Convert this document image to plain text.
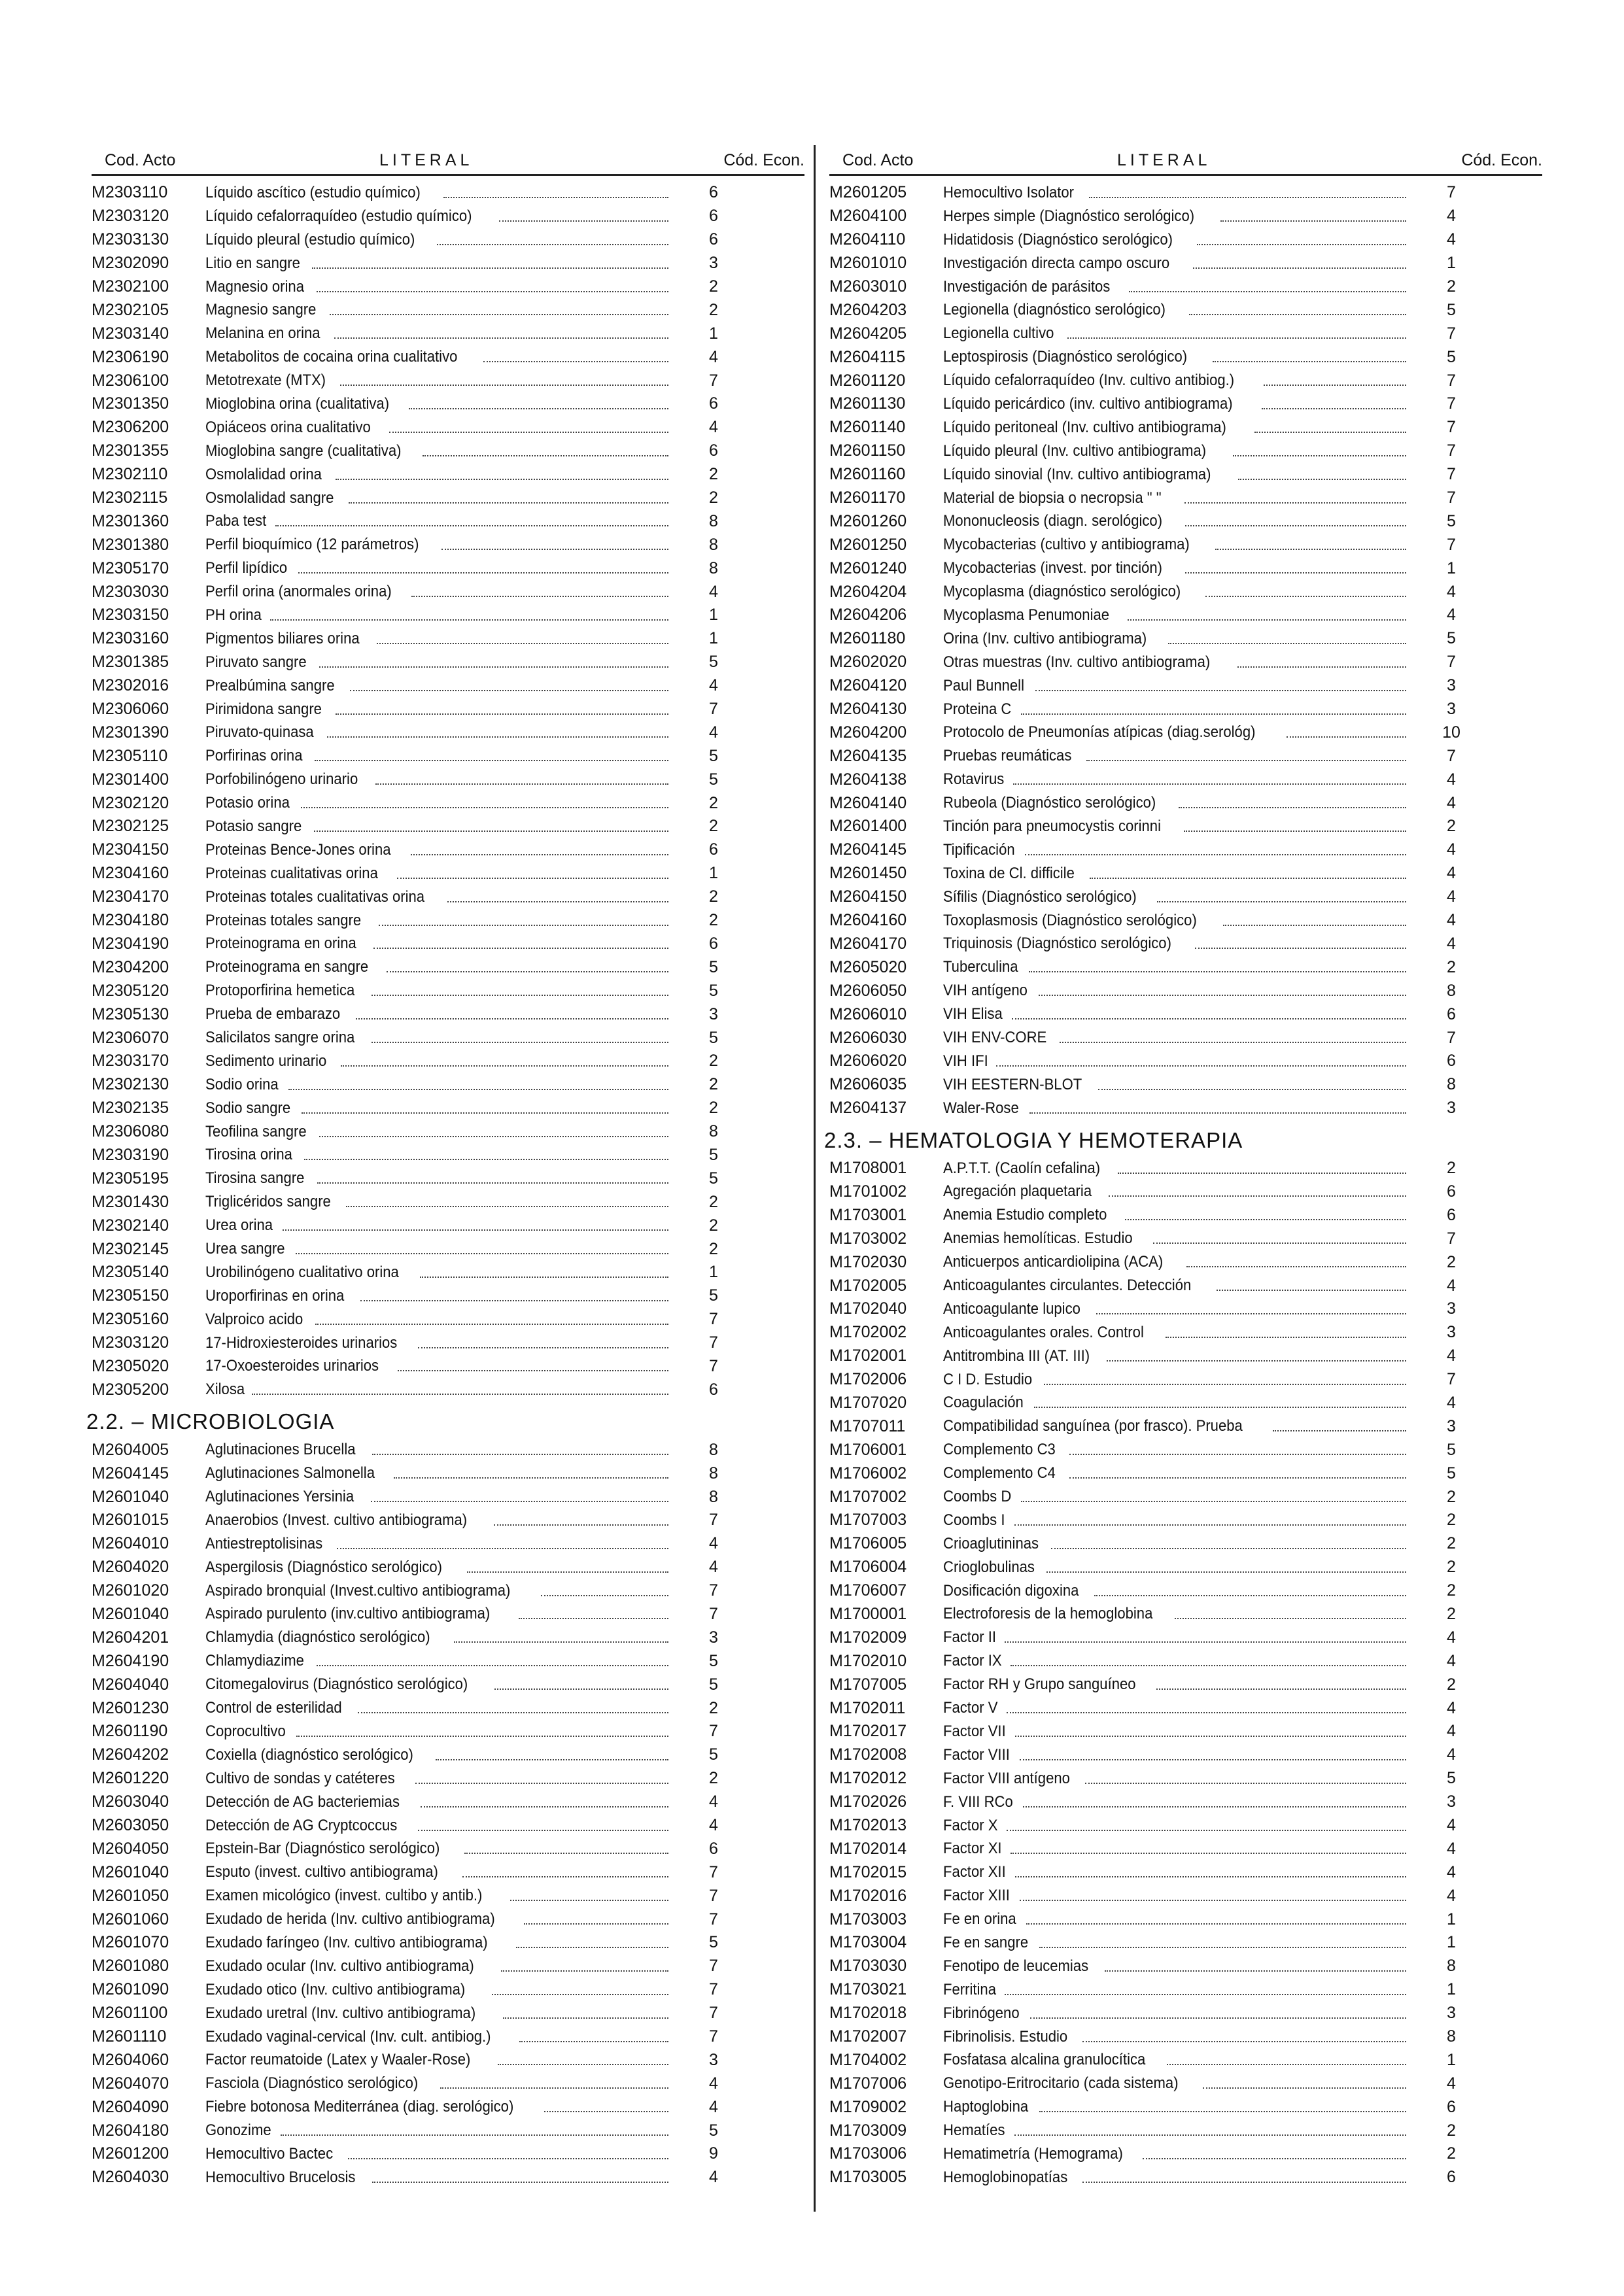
Cod. Acto	LITERAL	Cód. Econ.
M2303110	Líquido ascítico (estudio químico)	6
M2303120	Líquido cefalorraquídeo (estudio químico)	6
M2303130	Líquido pleural (estudio químico)	6
M2302090	Litio en sangre	3
M2302100	Magnesio orina	2
M2302105	Magnesio sangre	2
M2303140	Melanina en orina	1
M2306190	Metabolitos de cocaina orina cualitativo	4
M2306100	Metotrexate (MTX)	7
M2301350	Mioglobina orina (cualitativa)	6
M2306200	Opiáceos orina cualitativo	4
M2301355	Mioglobina sangre (cualitativa)	6
M2302110	Osmolalidad orina	2
M2302115	Osmolalidad sangre	2
M2301360	Paba test	8
M2301380	Perfil bioquímico (12 parámetros)	8
M2305170	Perfil lipídico	8
M2303030	Perfil orina (anormales orina)	4
M2303150	PH orina	1
M2303160	Pigmentos biliares orina	1
M2301385	Piruvato sangre	5
M2302016	Prealbúmina sangre	4
M2306060	Pirimidona sangre	7
M2301390	Piruvato-quinasa	4
M2305110	Porfirinas orina	5
M2301400	Porfobilinógeno urinario	5
M2302120	Potasio orina	2
M2302125	Potasio sangre	2
M2304150	Proteinas Bence-Jones orina	6
M2304160	Proteinas cualitativas orina	1
M2304170	Proteinas totales cualitativas orina	2
M2304180	Proteinas totales sangre	2
M2304190	Proteinograma en orina	6
M2304200	Proteinograma en sangre	5
M2305120	Protoporfirina hemetica	5
M2305130	Prueba de embarazo	3
M2306070	Salicilatos sangre orina	5
M2303170	Sedimento urinario	2
M2302130	Sodio orina	2
M2302135	Sodio sangre	2
M2306080	Teofilina sangre	8
M2303190	Tirosina orina	5
M2305195	Tirosina sangre	5
M2301430	Triglicéridos sangre	2
M2302140	Urea orina	2
M2302145	Urea sangre	2
M2305140	Urobilinógeno cualitativo orina	1
M2305150	Uroporfirinas en orina	5
M2305160	Valproico acido	7
M2303120	17-Hidroxiesteroides urinarios	7
M2305020	17-Oxoesteroides urinarios	7
M2305200	Xilosa	6
2.2. – MICROBIOLOGIA
M2604005	Aglutinaciones Brucella	8
M2604145	Aglutinaciones Salmonella	8
M2601040	Aglutinaciones Yersinia	8
M2601015	Anaerobios (Invest. cultivo antibiograma)	7
M2604010	Antiestreptolisinas	4
M2604020	Aspergilosis (Diagnóstico serológico)	4
M2601020	Aspirado bronquial (Invest.cultivo antibiograma)	7
M2601040	Aspirado purulento (inv.cultivo antibiograma)	7
M2604201	Chlamydia (diagnóstico serológico)	3
M2604190	Chlamydiazime	5
M2604040	Citomegalovirus (Diagnóstico serológico)	5
M2601230	Control de esterilidad	2
M2601190	Coprocultivo	7
M2604202	Coxiella (diagnóstico serológico)	5
M2601220	Cultivo de sondas y catéteres	2
M2603040	Detección de AG bacteriemias	4
M2603050	Detección de AG Cryptcoccus	4
M2604050	Epstein-Bar (Diagnóstico serológico)	6
M2601040	Esputo (invest. cultivo antibiograma)	7
M2601050	Examen micológico (invest. cultibo y antib.)	7
M2601060	Exudado de herida (Inv. cultivo antibiograma)	7
M2601070	Exudado faríngeo (Inv. cultivo antibiograma)	5
M2601080	Exudado ocular (Inv. cultivo antibiograma)	7
M2601090	Exudado otico (Inv. cultivo antibiograma)	7
M2601100	Exudado uretral (Inv. cultivo antibiograma)	7
M2601110	Exudado vaginal-cervical (Inv. cult. antibiog.)	7
M2604060	Factor reumatoide (Latex y Waaler-Rose)	3
M2604070	Fasciola (Diagnóstico serológico)	4
M2604090	Fiebre botonosa Mediterránea (diag. serológico)	4
M2604180	Gonozime	5
M2601200	Hemocultivo Bactec	9
M2604030	Hemocultivo Brucelosis	4
Cod. Acto	LITERAL	Cód. Econ.
M2601205	Hemocultivo Isolator	7
M2604100	Herpes simple (Diagnóstico serológico)	4
M2604110	Hidatidosis (Diagnóstico serológico)	4
M2601010	Investigación directa campo oscuro	1
M2603010	Investigación de parásitos	2
M2604203	Legionella (diagnóstico serológico)	5
M2604205	Legionella cultivo	7
M2604115	Leptospirosis (Diagnóstico serológico)	5
M2601120	Líquido cefalorraquídeo (Inv. cultivo antibiog.)	7
M2601130	Líquido pericárdico (inv. cultivo antibiograma)	7
M2601140	Líquido peritoneal (Inv. cultivo antibiograma)	7
M2601150	Líquido pleural (Inv. cultivo antibiograma)	7
M2601160	Líquido sinovial (Inv. cultivo antibiograma)	7
M2601170	Material de biopsia o necropsia " "	7
M2601260	Mononucleosis (diagn. serológico)	5
M2601250	Mycobacterias (cultivo y antibiograma)	7
M2601240	Mycobacterias (invest. por tinción)	1
M2604204	Mycoplasma (diagnóstico serológico)	4
M2604206	Mycoplasma Penumoniae	4
M2601180	Orina (Inv. cultivo antibiograma)	5
M2602020	Otras muestras (Inv. cultivo antibiograma)	7
M2604120	Paul Bunnell	3
M2604130	Proteina C	3
M2604200	Protocolo de Pneumonías atípicas (diag.serológ)	10
M2604135	Pruebas reumáticas	7
M2604138	Rotavirus	4
M2604140	Rubeola (Diagnóstico serológico)	4
M2601400	Tinción para pneumocystis corinni	2
M2604145	Tipificación	4
M2601450	Toxina de Cl. difficile	4
M2604150	Sífilis (Diagnóstico serológico)	4
M2604160	Toxoplasmosis (Diagnóstico serológico)	4
M2604170	Triquinosis (Diagnóstico serológico)	4
M2605020	Tuberculina	2
M2606050	VIH antígeno	8
M2606010	VIH Elisa	6
M2606030	VIH ENV-CORE	7
M2606020	VIH IFI	6
M2606035	VIH EESTERN-BLOT	8
M2604137	Waler-Rose	3
2.3. – HEMATOLOGIA Y HEMOTERAPIA
M1708001	A.P.T.T. (Caolín cefalina)	2
M1701002	Agregación plaquetaria	6
M1703001	Anemia Estudio completo	6
M1703002	Anemias hemolíticas. Estudio	7
M1702030	Anticuerpos anticardiolipina (ACA)	2
M1702005	Anticoagulantes circulantes. Detección	4
M1702040	Anticoagulante lupico	3
M1702002	Anticoagulantes orales. Control	3
M1702001	Antitrombina III (AT. III)	4
M1702006	C I D. Estudio	7
M1707020	Coagulación	4
M1707011	Compatibilidad sanguínea (por frasco). Prueba	3
M1706001	Complemento C3	5
M1706002	Complemento C4	5
M1707002	Coombs D	2
M1707003	Coombs I	2
M1706005	Crioaglutininas	2
M1706004	Crioglobulinas	2
M1706007	Dosificación digoxina	2
M1700001	Electroforesis de la hemoglobina	2
M1702009	Factor II	4
M1702010	Factor IX	4
M1707005	Factor RH y Grupo sanguíneo	2
M1702011	Factor V	4
M1702017	Factor VII	4
M1702008	Factor VIII	4
M1702012	Factor VIII antígeno	5
M1702026	F. VIII RCo	3
M1702013	Factor X	4
M1702014	Factor XI	4
M1702015	Factor XII	4
M1702016	Factor XIII	4
M1703003	Fe en orina	1
M1703004	Fe en sangre	1
M1703030	Fenotipo de leucemias	8
M1703021	Ferritina	1
M1702018	Fibrinógeno	3
M1702007	Fibrinolisis. Estudio	8
M1704002	Fosfatasa alcalina granulocítica	1
M1707006	Genotipo-Eritrocitario (cada sistema)	4
M1709002	Haptoglobina	6
M1703009	Hematíes	2
M1703006	Hematimetría (Hemograma)	2
M1703005	Hemoglobinopatías	6
